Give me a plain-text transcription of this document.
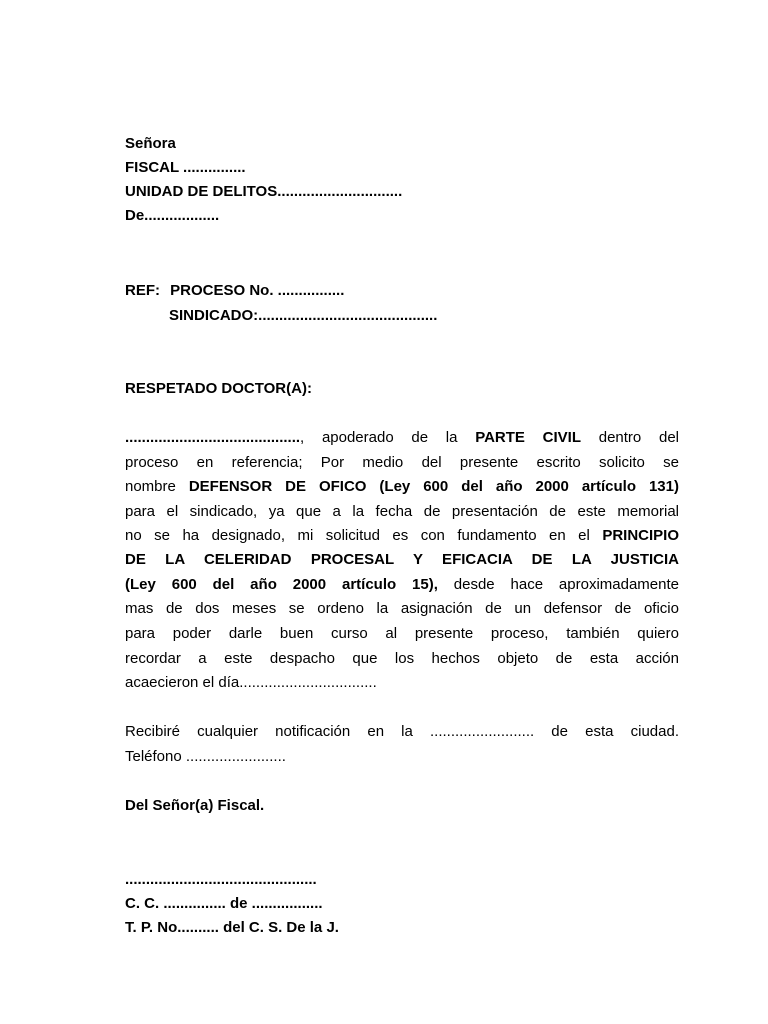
Señora
FISCAL ...............
UNIDAD DE DELITOS..............................
De..................
REF: PROCESO No. ................
SINDICADO:...........................................
RESPETADO DOCTOR(A):
.........................................., apoderado de la PARTE CIVIL dentro del
proceso en referencia; Por medio del presente escrito solicito se
nombre DEFENSOR DE OFICO (Ley 600 del año 2000 artículo 131)
para el sindicado, ya que a la fecha de presentación de este memorial
no se ha designado, mi solicitud es con fundamento en el PRINCIPIO
DE LA CELERIDAD PROCESAL Y EFICACIA DE LA JUSTICIA
(Ley 600 del año 2000 artículo 15), desde hace aproximadamente
mas de dos meses se ordeno la asignación de un defensor de oficio
para poder darle buen curso al presente proceso, también quiero
recordar a este despacho que los hechos objeto de esta acción
acaecieron el día.................................
Recibiré cualquier notificación en la ......................... de esta ciudad.
Teléfono ........................
Del Señor(a) Fiscal.
..............................................
C. C. ............... de .................
T. P. No.......... del C. S. De la J.
